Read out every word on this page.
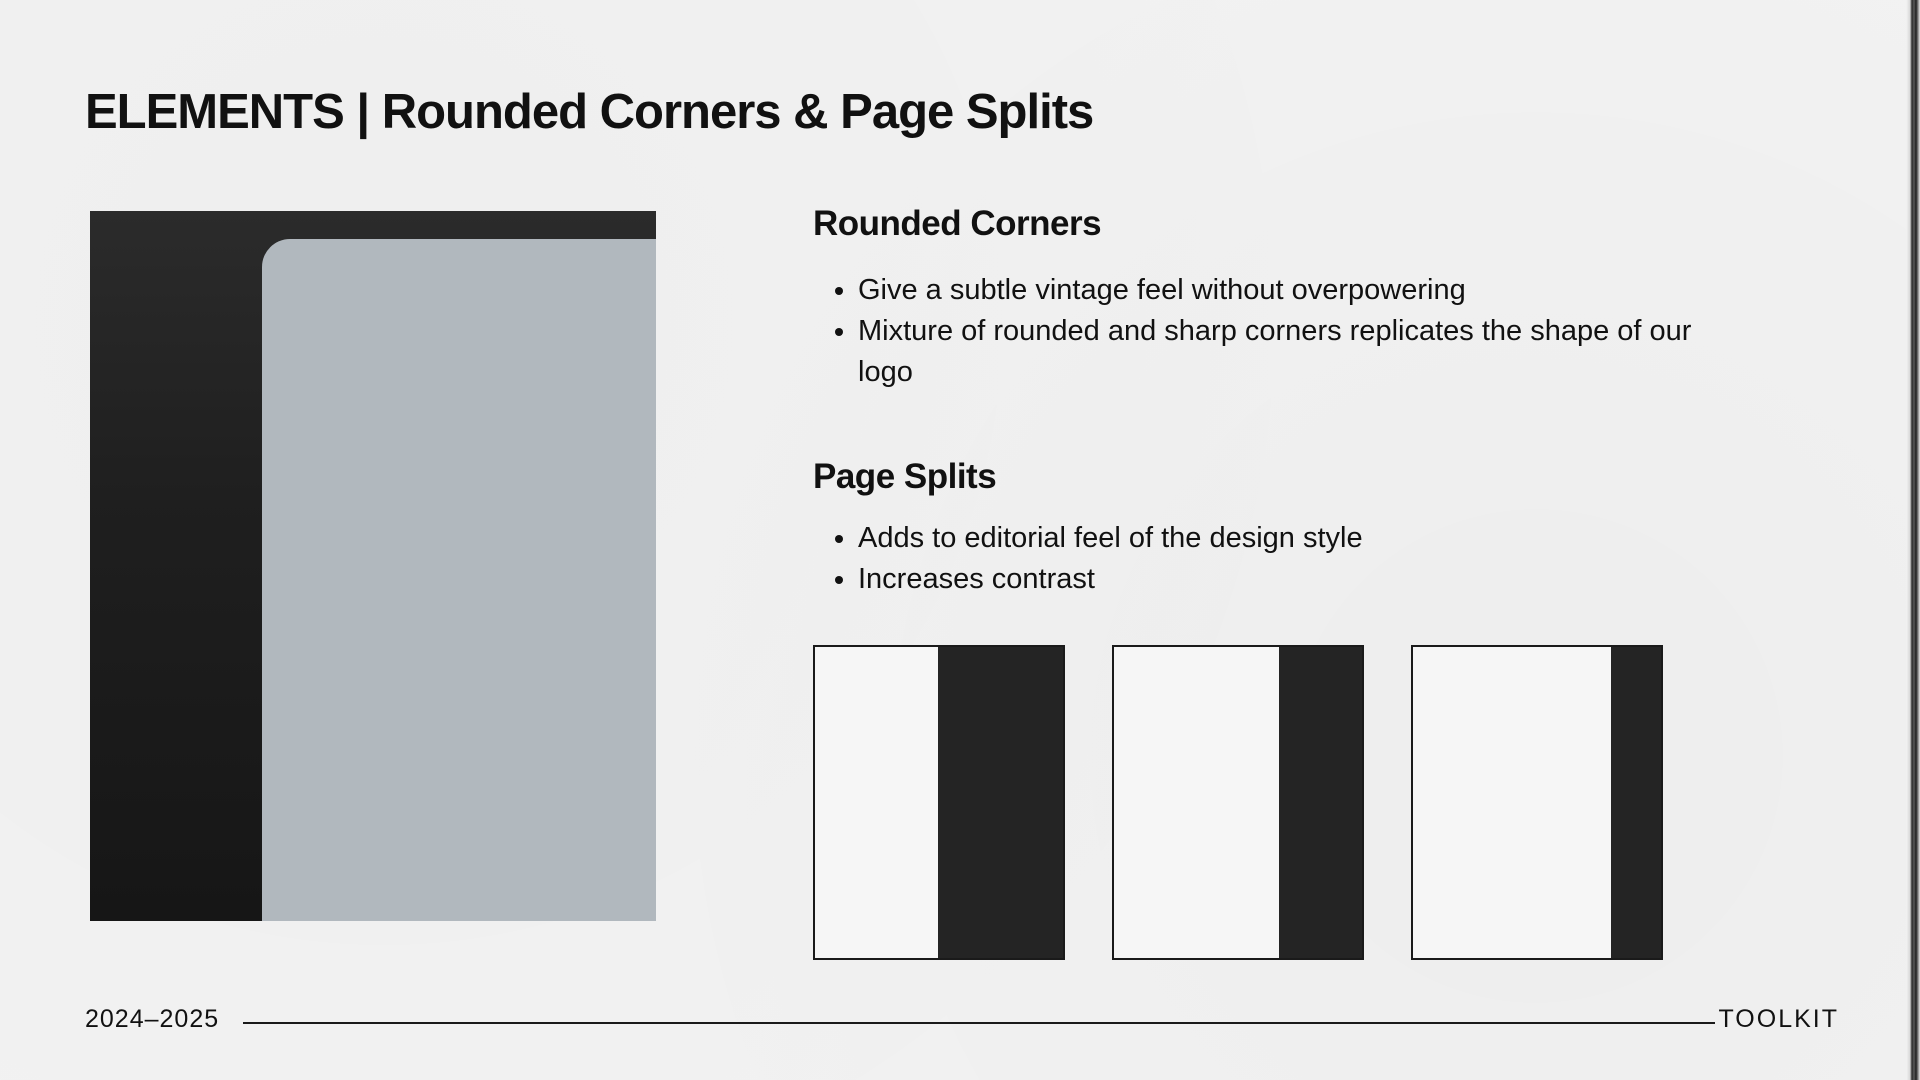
ELEMENTS | Rounded Corners & Page Splits
Rounded Corners
• Give a subtle vintage feel without overpowering
• Mixture of rounded and sharp corners replicates the shape of our logo
Page Splits
• Adds to editorial feel of the design style
• Increases contrast
2024–2025	TOOLKIT
